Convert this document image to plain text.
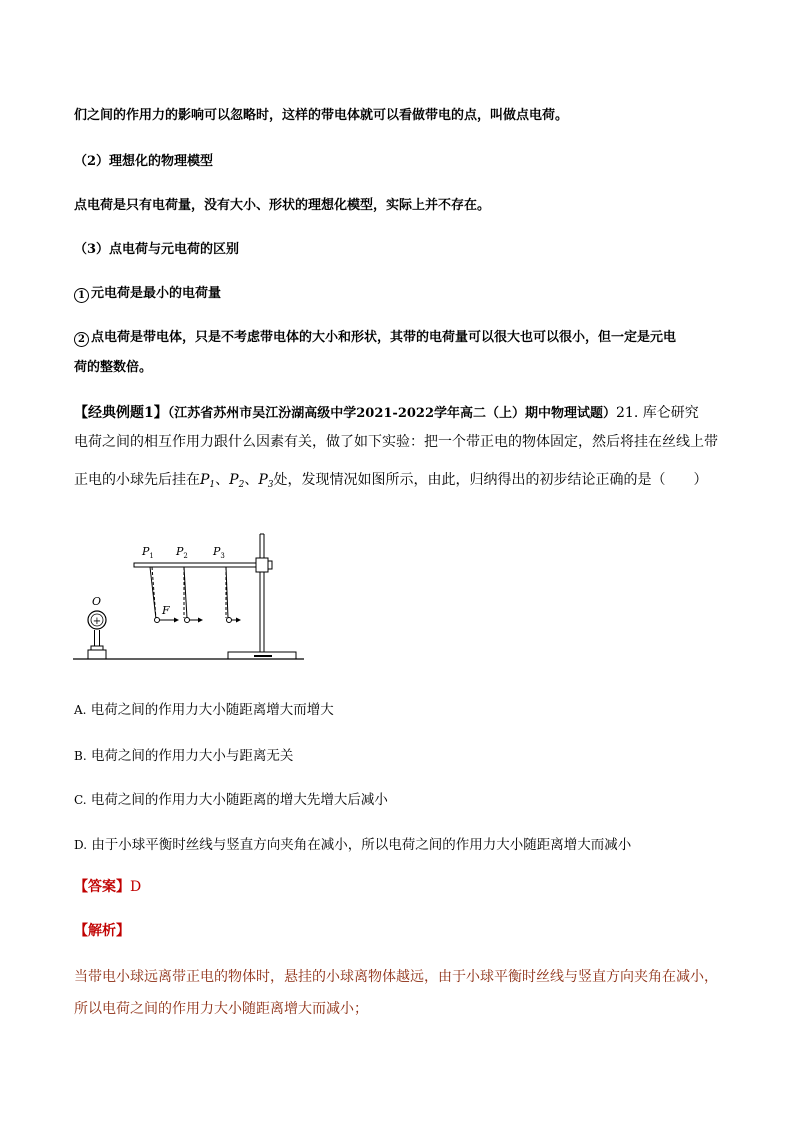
们之间的作用力的影响可以忽略时，这样的带电体就可以看做带电的点，叫做点电荷。
（2）理想化的物理模型
点电荷是只有电荷量，没有大小、形状的理想化模型，实际上并不存在。
（3）点电荷与元电荷的区别
1 元电荷是最小的电荷量
2 点电荷是带电体，只是不考虑带电体的大小和形状，其带的电荷量可以很大也可以很小，但一定是元电
荷的整数倍。
【经典例题1】（江苏省苏州市吴江汾湖高级中学2021-2022学年高二（上）期中物理试题）21. 库仑研究
电荷之间的相互作用力跟什么因素有关，做了如下实验：把一个带正电的物体固定，然后将挂在丝线上带
正电的小球先后挂在$P_1$、$P_2$、$P_3$处，发现情况如图所示，由此，归纳得出的初步结论正确的是（　　）
+
O
F
$P_1$ $P_2$ $P_3$
A. 电荷之间的作用力大小随距离增大而增大
B. 电荷之间的作用力大小与距离无关
C. 电荷之间的作用力大小随距离的增大先增大后减小
D. 由于小球平衡时丝线与竖直方向夹角在减小，所以电荷之间的作用力大小随距离增大而减小
【答案】D
【解析】
当带电小球远离带正电的物体时，悬挂的小球离物体越远，由于小球平衡时丝线与竖直方向夹角在减小，
所以电荷之间的作用力大小随距离增大而减小；
